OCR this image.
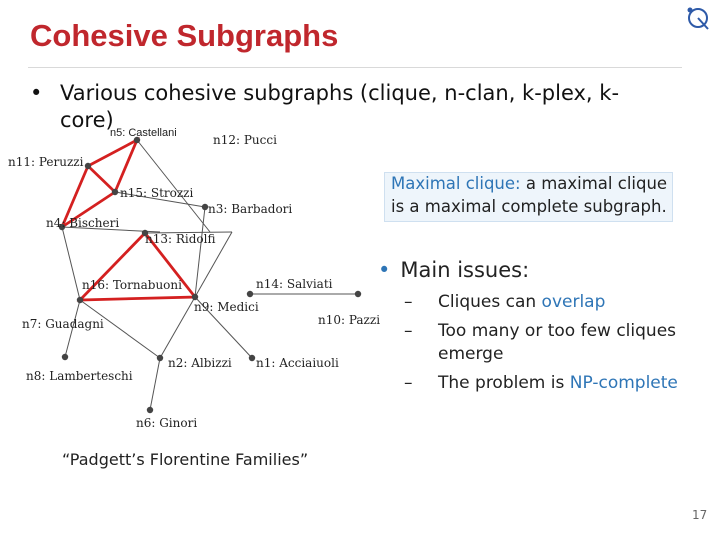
Cohesive Subgraphs
• Various cohesive subgraphs (clique, n-clan, k-plex, k-core)
n5: Castellani	n12: Pucci
n11: Peruzzi
n15: Strozzi
n3: Barbadori
n4: Bischeri
n13: Ridolfi
n16: Tornabuoni	n14: Salviati
n9: Medici
n10: Pazzi
n7: Guadagni
n8: Lamberteschi
n2: Albizzi n1: Acciaiuoli
n6: Ginori
Maximal clique: a maximal clique is a maximal complete subgraph.
• Main issues:
–	Cliques can overlap
–	Too many or too few cliques emerge
–	The problem is NP-complete
“Padgett’s Florentine Families”
17
